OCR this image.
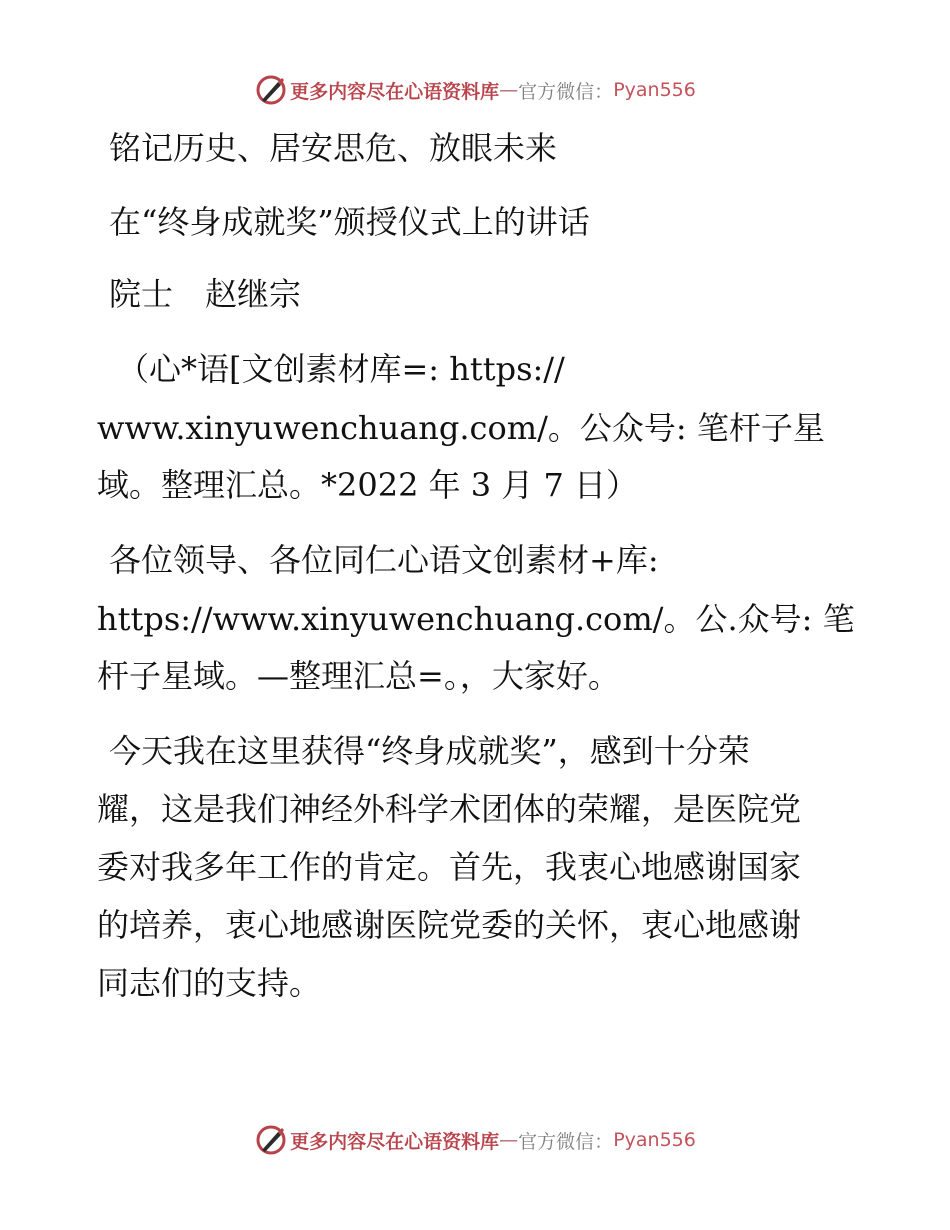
更多内容尽在心语资料库 — 官方微信： Pyan556
铭记历史、居安思危、放眼未来
在“终身成就奖”颁授仪式上的讲话
院士　赵继宗
（心*语[文创素材库=: https://
www.xinyuwenchuang.com/。公众号: 笔杆子星
域。整理汇总。*2022 年 3 月 7 日）
各位领导、各位同仁心语文创素材+库:
https://www.xinyuwenchuang.com/。公.众号: 笔
杆子星域。—整理汇总=。，大家好。
今天我在这里获得“终身成就奖”，感到十分荣
耀，这是我们神经外科学术团体的荣耀，是医院党
委对我多年工作的肯定。首先，我衷心地感谢国家
的培养，衷心地感谢医院党委的关怀，衷心地感谢
同志们的支持。
更多内容尽在心语资料库 — 官方微信： Pyan556
